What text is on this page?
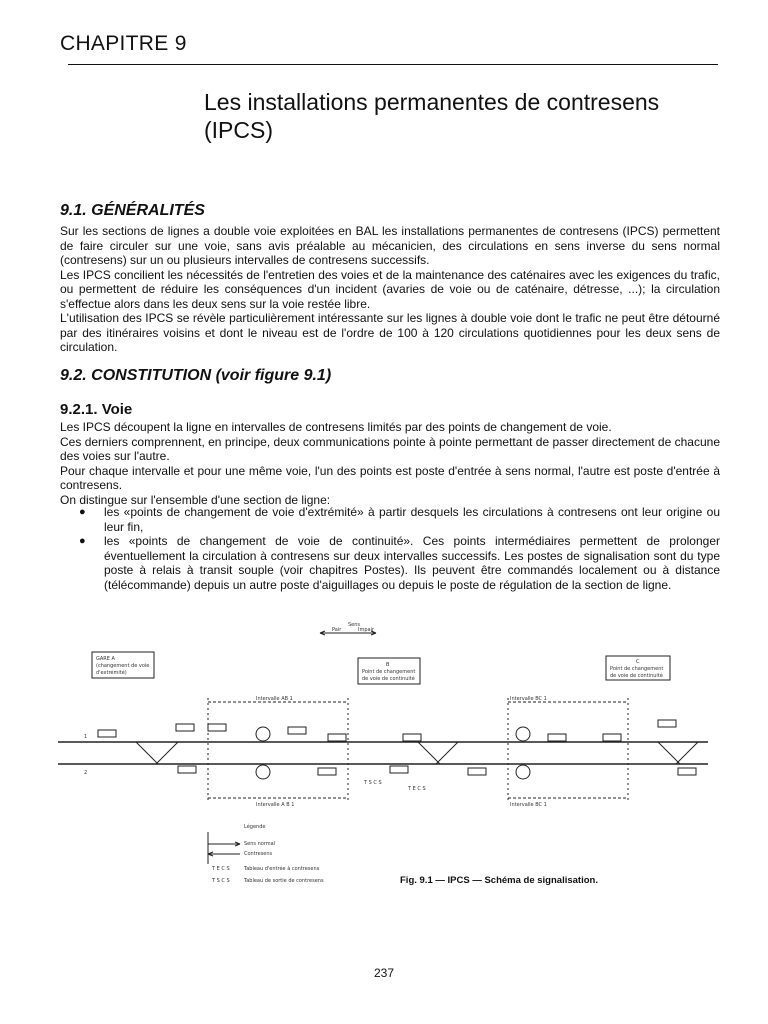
CHAPITRE 9
Les installations permanentes de contresens (IPCS)
9.1. GÉNÉRALITÉS

Sur les sections de lignes a double voie exploitées en BAL les installations permanentes de contresens (IPCS) permettent de faire circuler sur une voie, sans avis préalable au mécanicien, des circulations en sens inverse du sens normal (contresens) sur un ou plusieurs intervalles de contresens successifs.

Les IPCS concilient les nécessités de l'entretien des voies et de la maintenance des caténaires avec les exigences du trafic, ou permettent de réduire les conséquences d'un incident (avaries de voie ou de caténaire, détresse, ...); la circulation s'effectue alors dans les deux sens sur la voie restée libre.

L'utilisation des IPCS se révèle particulièrement intéressante sur les lignes à double voie dont le trafic ne peut être détourné par des itinéraires voisins et dont le niveau est de l'ordre de 100 à 120 circulations quotidiennes pour les deux sens de circulation.

9.2. CONSTITUTION (voir figure 9.1)
9.2.1. Voie

Les IPCS découpent la ligne en intervalles de contresens limités par des points de changement de voie.

Ces derniers comprennent, en principe, deux communications pointe à pointe permettant de passer directement de chacune des voies sur l'autre.

Pour chaque intervalle et pour une même voie, l'un des points est poste d'entrée à sens normal, l'autre est poste d'entrée à contresens.

On distingue sur l'ensemble d'une section de ligne:

● les «points de changement de voie d'extrémité» à partir desquels les circulations à contresens ont leur origine ou leur fin,
● les «points de changement de voie de continuité». Ces points intermédiaires permettent de prolonger éventuellement la circulation à contresens sur deux intervalles successifs. Les postes de signalisation sont du type poste à relais à transit souple (voir chapitres Postes). Ils peuvent être commandés localement ou à distance (télécommande) depuis un autre poste d'aiguillages ou depuis le poste de régulation de la section de ligne.
Sens
Pair	Impair
GARE A
(changement de voie
d'extrémité)
B
Point de changement
de voie de continuité
C
Point de changement
de voie de continuité
Intervalle AB 1	Intervalle BC 1
Intervalle A B 1	Intervalle BC 1
1
2
T S C S
T E C S
Légende
Sens normal
Contresens
T E C S	Tableau d'entrée à contresens
T S C S	Tableau de sortie de contresens	Fig. 9.1 — IPCS — Schéma de signalisation.
237
